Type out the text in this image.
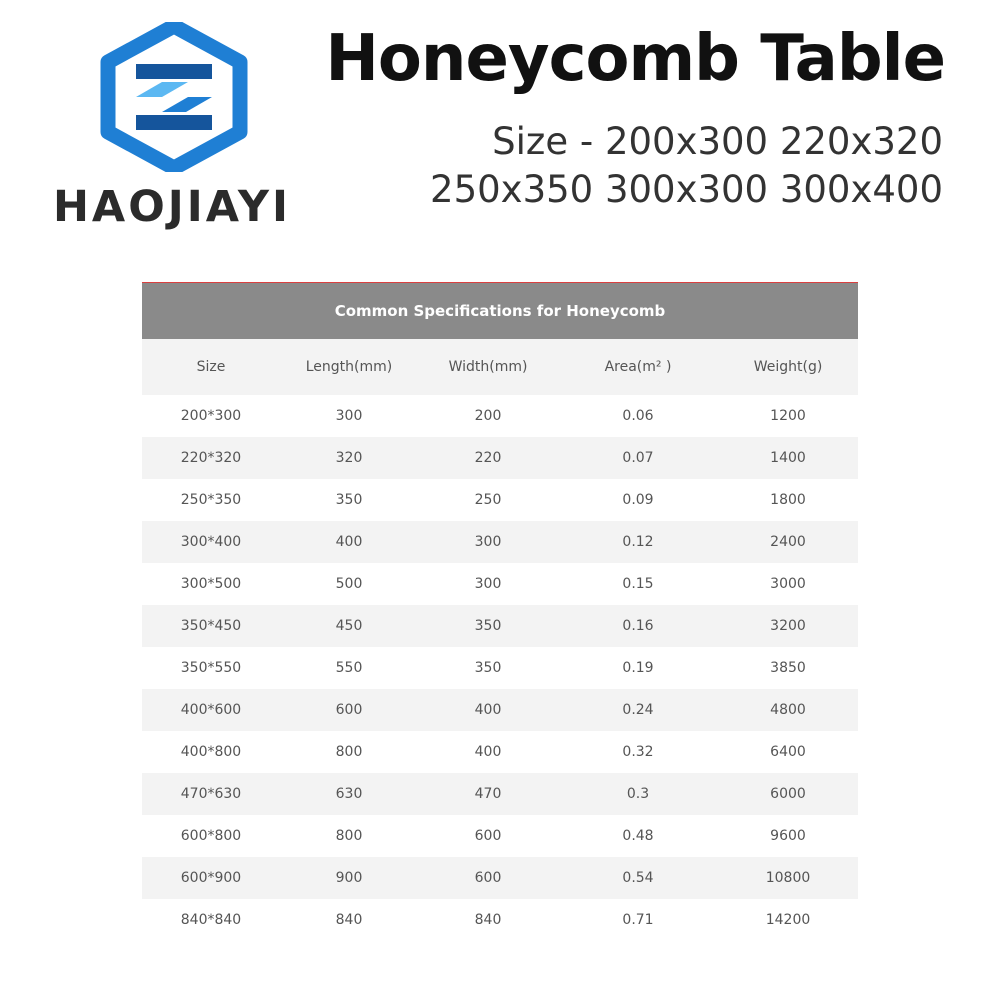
HAOJIAYI
Honeycomb Table
Size - 200x300 220x320
250x350 300x300 300x400
Common Specifications for Honeycomb
Size	Length(mm)	Width(mm)	Area(m² )	Weight(g)
200*300	300	200	0.06	1200
220*320	320	220	0.07	1400
250*350	350	250	0.09	1800
300*400	400	300	0.12	2400
300*500	500	300	0.15	3000
350*450	450	350	0.16	3200
350*550	550	350	0.19	3850
400*600	600	400	0.24	4800
400*800	800	400	0.32	6400
470*630	630	470	0.3	6000
600*800	800	600	0.48	9600
600*900	900	600	0.54	10800
840*840	840	840	0.71	14200
